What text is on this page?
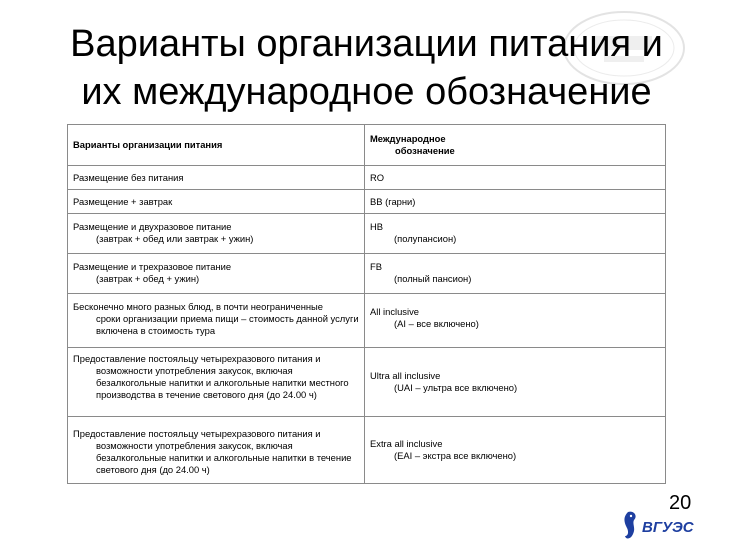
Варианты организации питания и
их международное обозначение
Варианты организации питания	Международное
обозначение

Размещение без питания	RO
Размещение + завтрак	BB (гарни)

Размещение и двухразовое питание
(завтрак + обед или завтрак + ужин)	HB
(полупансион)

Размещение и трехразовое питание
(завтрак + обед + ужин)	FB
(полный пансион)

Бесконечно много разных блюд, в почти неограниченные
сроки организации приема пищи – стоимость данной услуги включена в стоимость тура	All inclusive
(AI – все включено)

Предоставление постояльцу четырехразового питания и
возможности употребления закусок, включая безалкогольные напитки и алкогольные напитки местного производства в течение светового дня (до 24.00 ч)	Ultra all inclusive
(UAI – ультра все включено)

Предоставление постояльцу четырехразового питания и
возможности употребления закусок, включая безалкогольные напитки и алкогольные напитки в течение светового дня (до 24.00 ч)	Extra all inclusive
(EAI – экстра все включено)
20
ВГУЭС
